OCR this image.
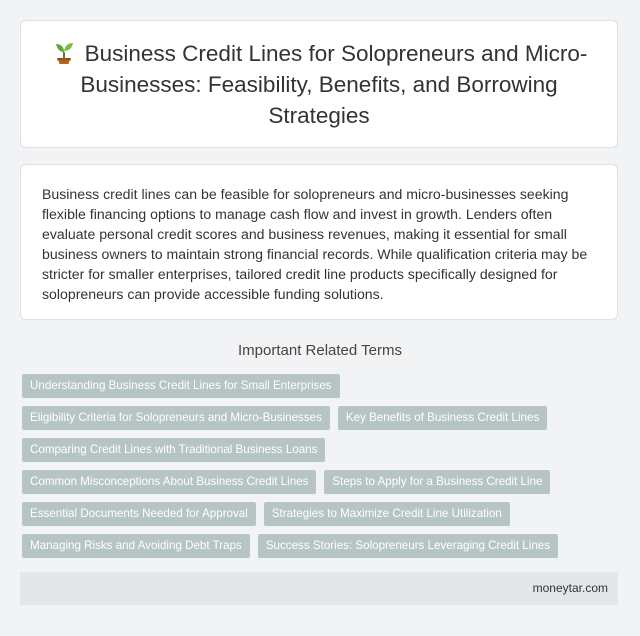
Business Credit Lines for Solopreneurs and Micro-Businesses: Feasibility, Benefits, and Borrowing Strategies

Business credit lines can be feasible for solopreneurs and micro-businesses seeking flexible financing options to manage cash flow and invest in growth. Lenders often evaluate personal credit scores and business revenues, making it essential for small business owners to maintain strong financial records. While qualification criteria may be stricter for smaller enterprises, tailored credit line products specifically designed for solopreneurs can provide accessible funding solutions.

Important Related Terms
Understanding Business Credit Lines for Small Enterprises
Eligibility Criteria for Solopreneurs and Micro-Businesses	Key Benefits of Business Credit Lines
Comparing Credit Lines with Traditional Business Loans
Common Misconceptions About Business Credit Lines	Steps to Apply for a Business Credit Line
Essential Documents Needed for Approval	Strategies to Maximize Credit Line Utilization
Managing Risks and Avoiding Debt Traps	Success Stories: Solopreneurs Leveraging Credit Lines
moneytar.com
